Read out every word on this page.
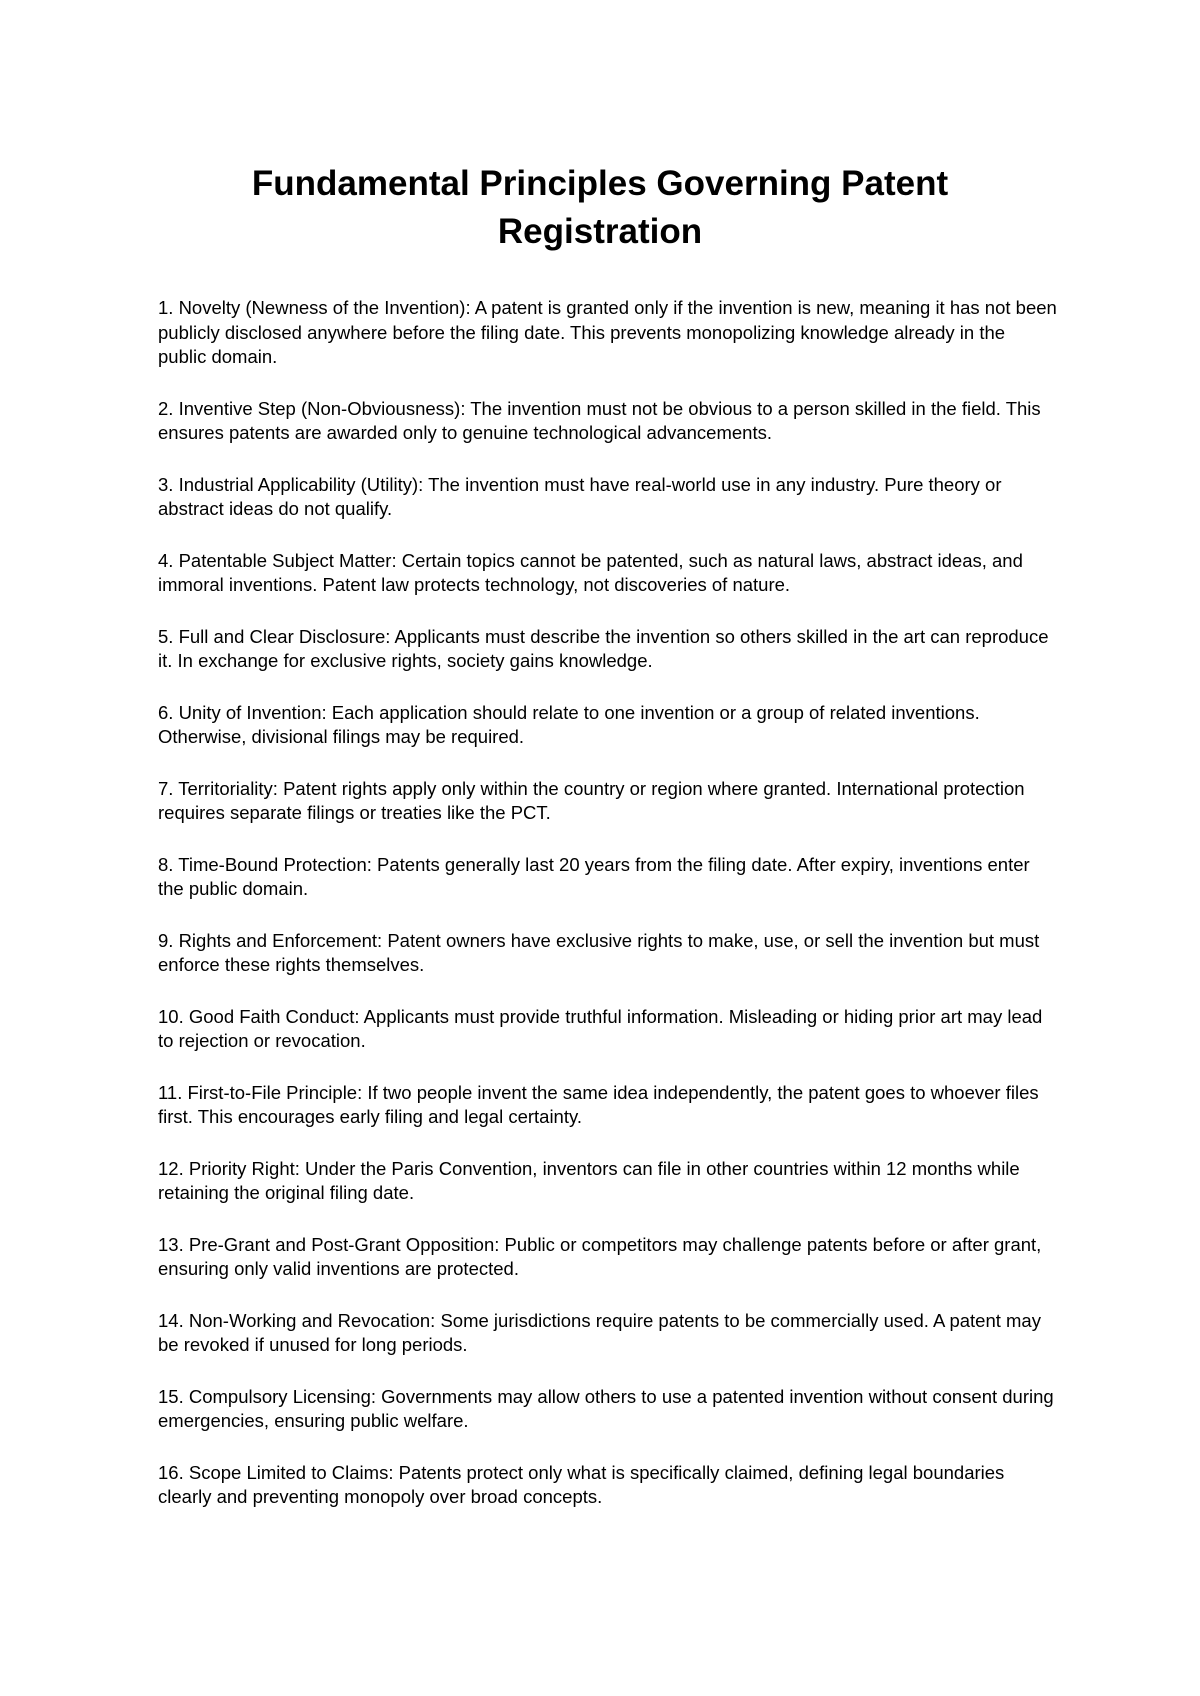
Fundamental Principles Governing Patent Registration

1. Novelty (Newness of the Invention): A patent is granted only if the invention is new, meaning it has not been publicly disclosed anywhere before the filing date. This prevents monopolizing knowledge already in the public domain.

2. Inventive Step (Non-Obviousness): The invention must not be obvious to a person skilled in the field. This ensures patents are awarded only to genuine technological advancements.

3. Industrial Applicability (Utility): The invention must have real-world use in any industry. Pure theory or abstract ideas do not qualify.

4. Patentable Subject Matter: Certain topics cannot be patented, such as natural laws, abstract ideas, and immoral inventions. Patent law protects technology, not discoveries of nature.

5. Full and Clear Disclosure: Applicants must describe the invention so others skilled in the art can reproduce it. In exchange for exclusive rights, society gains knowledge.

6. Unity of Invention: Each application should relate to one invention or a group of related inventions. Otherwise, divisional filings may be required.

7. Territoriality: Patent rights apply only within the country or region where granted. International protection requires separate filings or treaties like the PCT.

8. Time-Bound Protection: Patents generally last 20 years from the filing date. After expiry, inventions enter the public domain.

9. Rights and Enforcement: Patent owners have exclusive rights to make, use, or sell the invention but must enforce these rights themselves.

10. Good Faith Conduct: Applicants must provide truthful information. Misleading or hiding prior art may lead to rejection or revocation.

11. First-to-File Principle: If two people invent the same idea independently, the patent goes to whoever files first. This encourages early filing and legal certainty.

12. Priority Right: Under the Paris Convention, inventors can file in other countries within 12 months while retaining the original filing date.

13. Pre-Grant and Post-Grant Opposition: Public or competitors may challenge patents before or after grant, ensuring only valid inventions are protected.

14. Non-Working and Revocation: Some jurisdictions require patents to be commercially used. A patent may be revoked if unused for long periods.

15. Compulsory Licensing: Governments may allow others to use a patented invention without consent during emergencies, ensuring public welfare.

16. Scope Limited to Claims: Patents protect only what is specifically claimed, defining legal boundaries clearly and preventing monopoly over broad concepts.
